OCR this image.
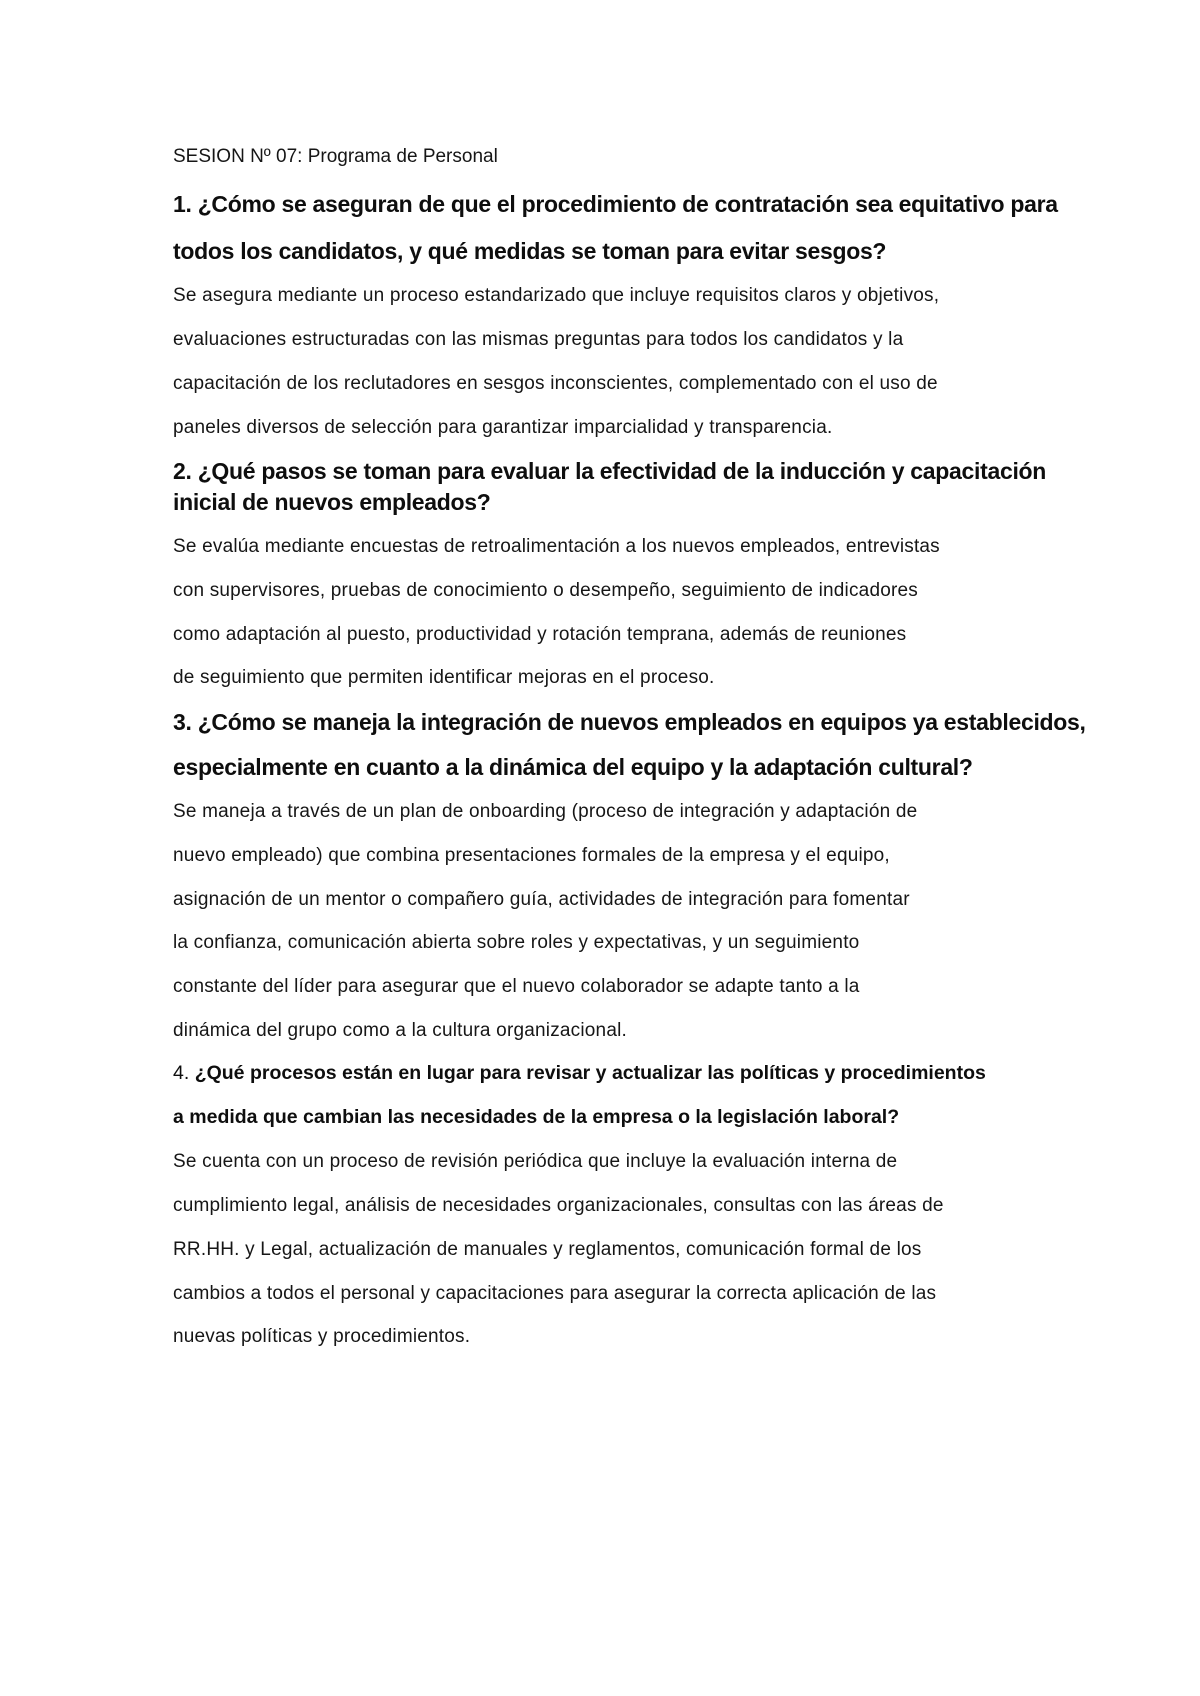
SESION Nº 07: Programa de Personal

1. ¿Cómo se aseguran de que el procedimiento de contratación sea equitativo para

todos los candidatos, y qué medidas se toman para evitar sesgos?

Se asegura mediante un proceso estandarizado que incluye requisitos claros y objetivos,

evaluaciones estructuradas con las mismas preguntas para todos los candidatos y la

capacitación de los reclutadores en sesgos inconscientes, complementado con el uso de

paneles diversos de selección para garantizar imparcialidad y transparencia.

2. ¿Qué pasos se toman para evaluar la efectividad de la inducción y capacitación

inicial de nuevos empleados?

Se evalúa mediante encuestas de retroalimentación a los nuevos empleados, entrevistas

con supervisores, pruebas de conocimiento o desempeño, seguimiento de indicadores

como adaptación al puesto, productividad y rotación temprana, además de reuniones

de seguimiento que permiten identificar mejoras en el proceso.

3. ¿Cómo se maneja la integración de nuevos empleados en equipos ya establecidos,

especialmente en cuanto a la dinámica del equipo y la adaptación cultural?

Se maneja a través de un plan de onboarding (proceso de integración y adaptación de

nuevo empleado) que combina presentaciones formales de la empresa y el equipo,

asignación de un mentor o compañero guía, actividades de integración para fomentar

la confianza, comunicación abierta sobre roles y expectativas, y un seguimiento

constante del líder para asegurar que el nuevo colaborador se adapte tanto a la

dinámica del grupo como a la cultura organizacional.

4. ¿Qué procesos están en lugar para revisar y actualizar las políticas y procedimientos

a medida que cambian las necesidades de la empresa o la legislación laboral?

Se cuenta con un proceso de revisión periódica que incluye la evaluación interna de

cumplimiento legal, análisis de necesidades organizacionales, consultas con las áreas de

RR.HH. y Legal, actualización de manuales y reglamentos, comunicación formal de los

cambios a todos el personal y capacitaciones para asegurar la correcta aplicación de las

nuevas políticas y procedimientos.
